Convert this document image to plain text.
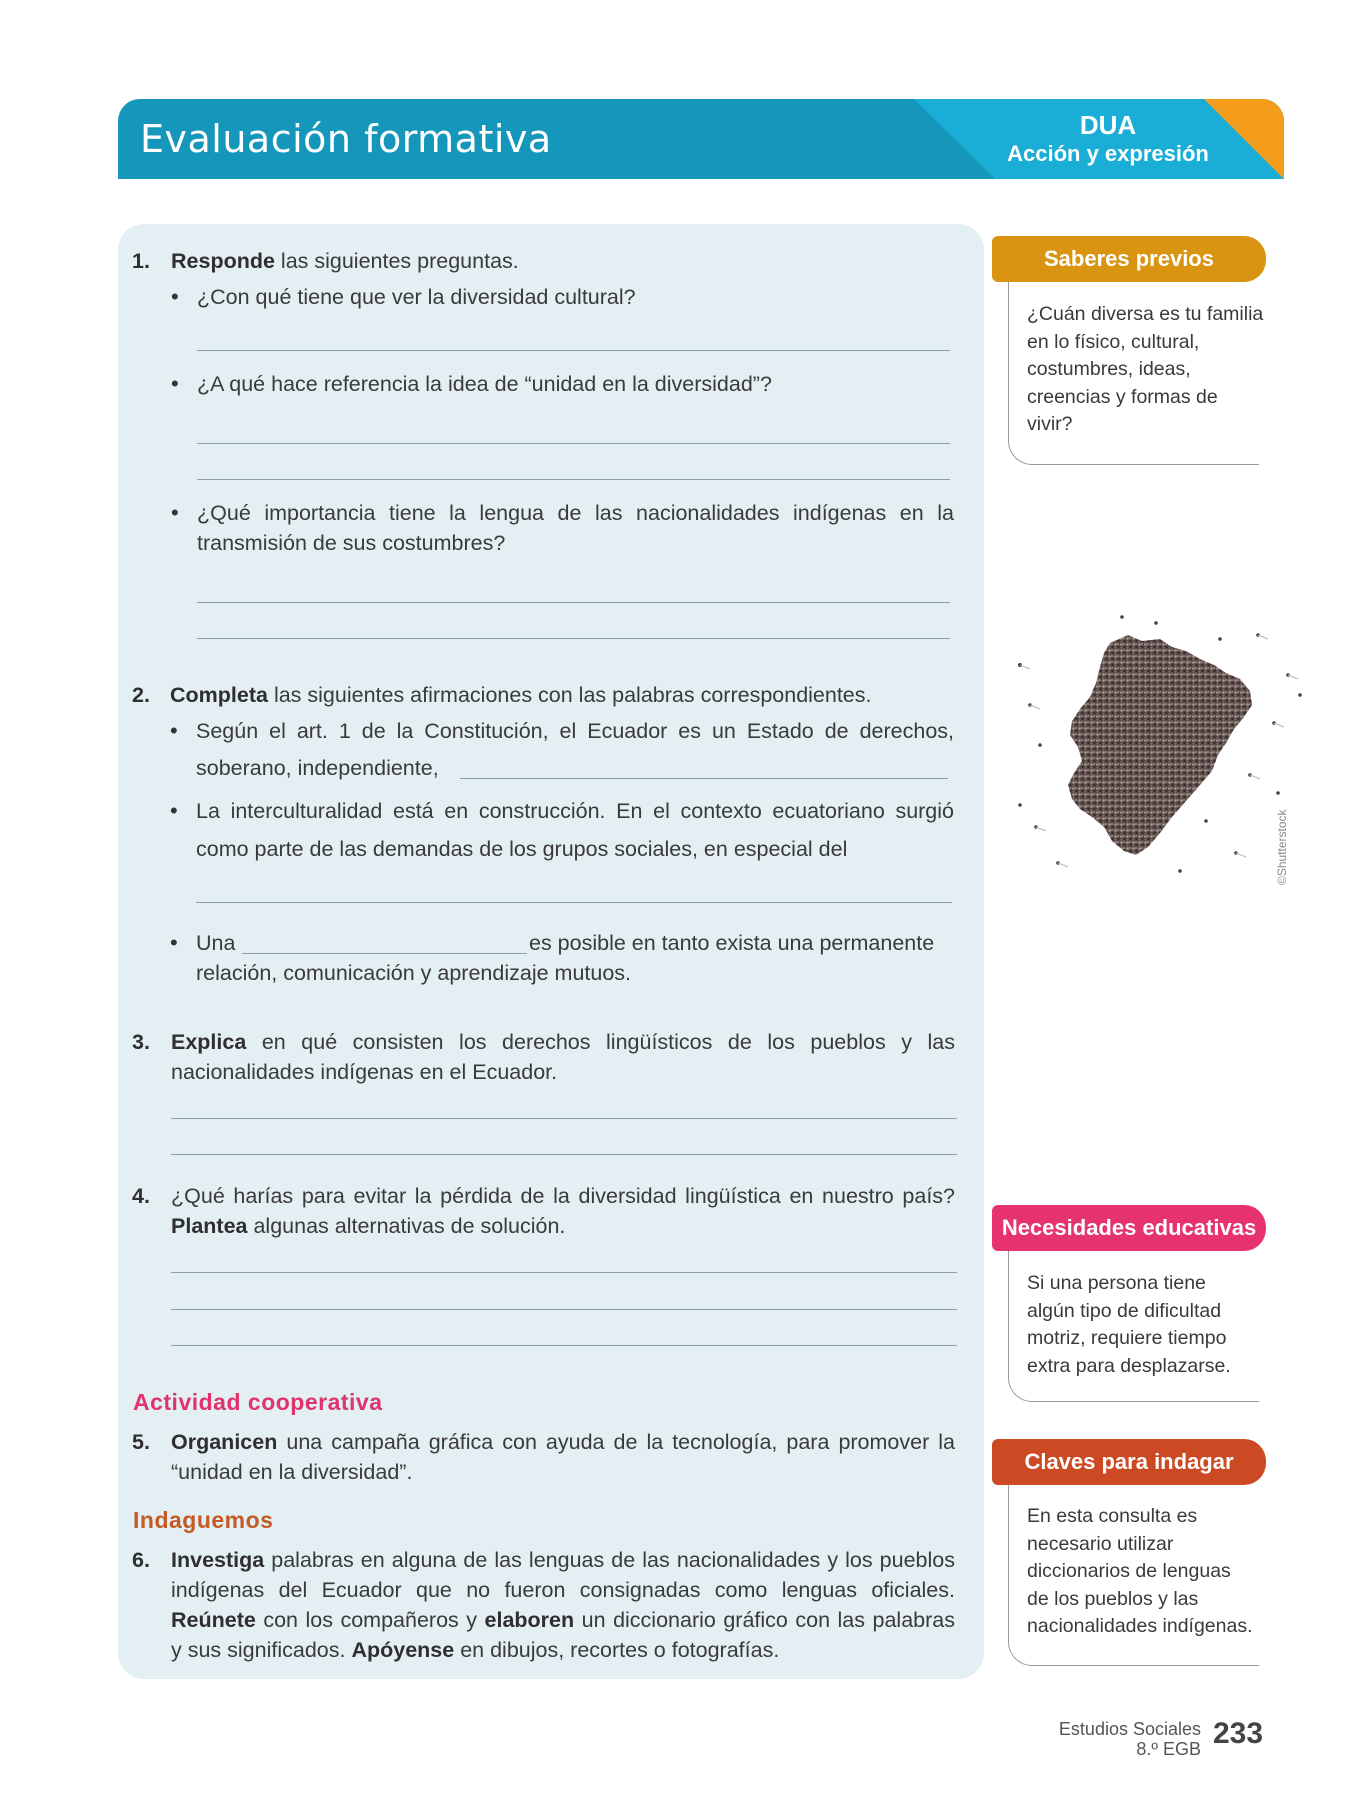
Evaluación formativa	DUA
Acción y expresión
1. Responde las siguientes preguntas.
• ¿Con qué tiene que ver la diversidad cultural?
• ¿A qué hace referencia la idea de “unidad en la diversidad”?
• ¿Qué importancia tiene la lengua de las nacionalidades indígenas en la
transmisión de sus costumbres?
2. Completa las siguientes afirmaciones con las palabras correspondientes.
• Según el art. 1 de la Constitución, el Ecuador es un Estado de derechos,
soberano, independiente,
• La interculturalidad está en construcción. En el contexto ecuatoriano surgió
como parte de las demandas de los grupos sociales, en especial del
• Una	es posible en tanto exista una permanente
relación, comunicación y aprendizaje mutuos.
3. Explica en qué consisten los derechos lingüísticos de los pueblos y las
nacionalidades indígenas en el Ecuador.
4. ¿Qué harías para evitar la pérdida de la diversidad lingüística en nuestro país?
Plantea algunas alternativas de solución.
Actividad cooperativa
5. Organicen una campaña gráfica con ayuda de la tecnología, para promover la
“unidad en la diversidad”.
Indaguemos
6. Investiga palabras en alguna de las lenguas de las nacionalidades y los pueblos
indígenas del Ecuador que no fueron consignadas como lenguas oficiales.
Reúnete con los compañeros y elaboren un diccionario gráfico con las palabras
y sus significados. Apóyense en dibujos, recortes o fotografías.
Saberes previos
¿Cuán diversa es tu familia
en lo físico, cultural,
costumbres, ideas,
creencias y formas de
vivir?
©Shutterstock
Necesidades educativas
Si una persona tiene
algún tipo de dificultad
motriz, requiere tiempo
extra para desplazarse.
Claves para indagar
En esta consulta es
necesario utilizar
diccionarios de lenguas
de los pueblos y las
nacionalidades indígenas.
Estudios Sociales
8.º EGB 233
